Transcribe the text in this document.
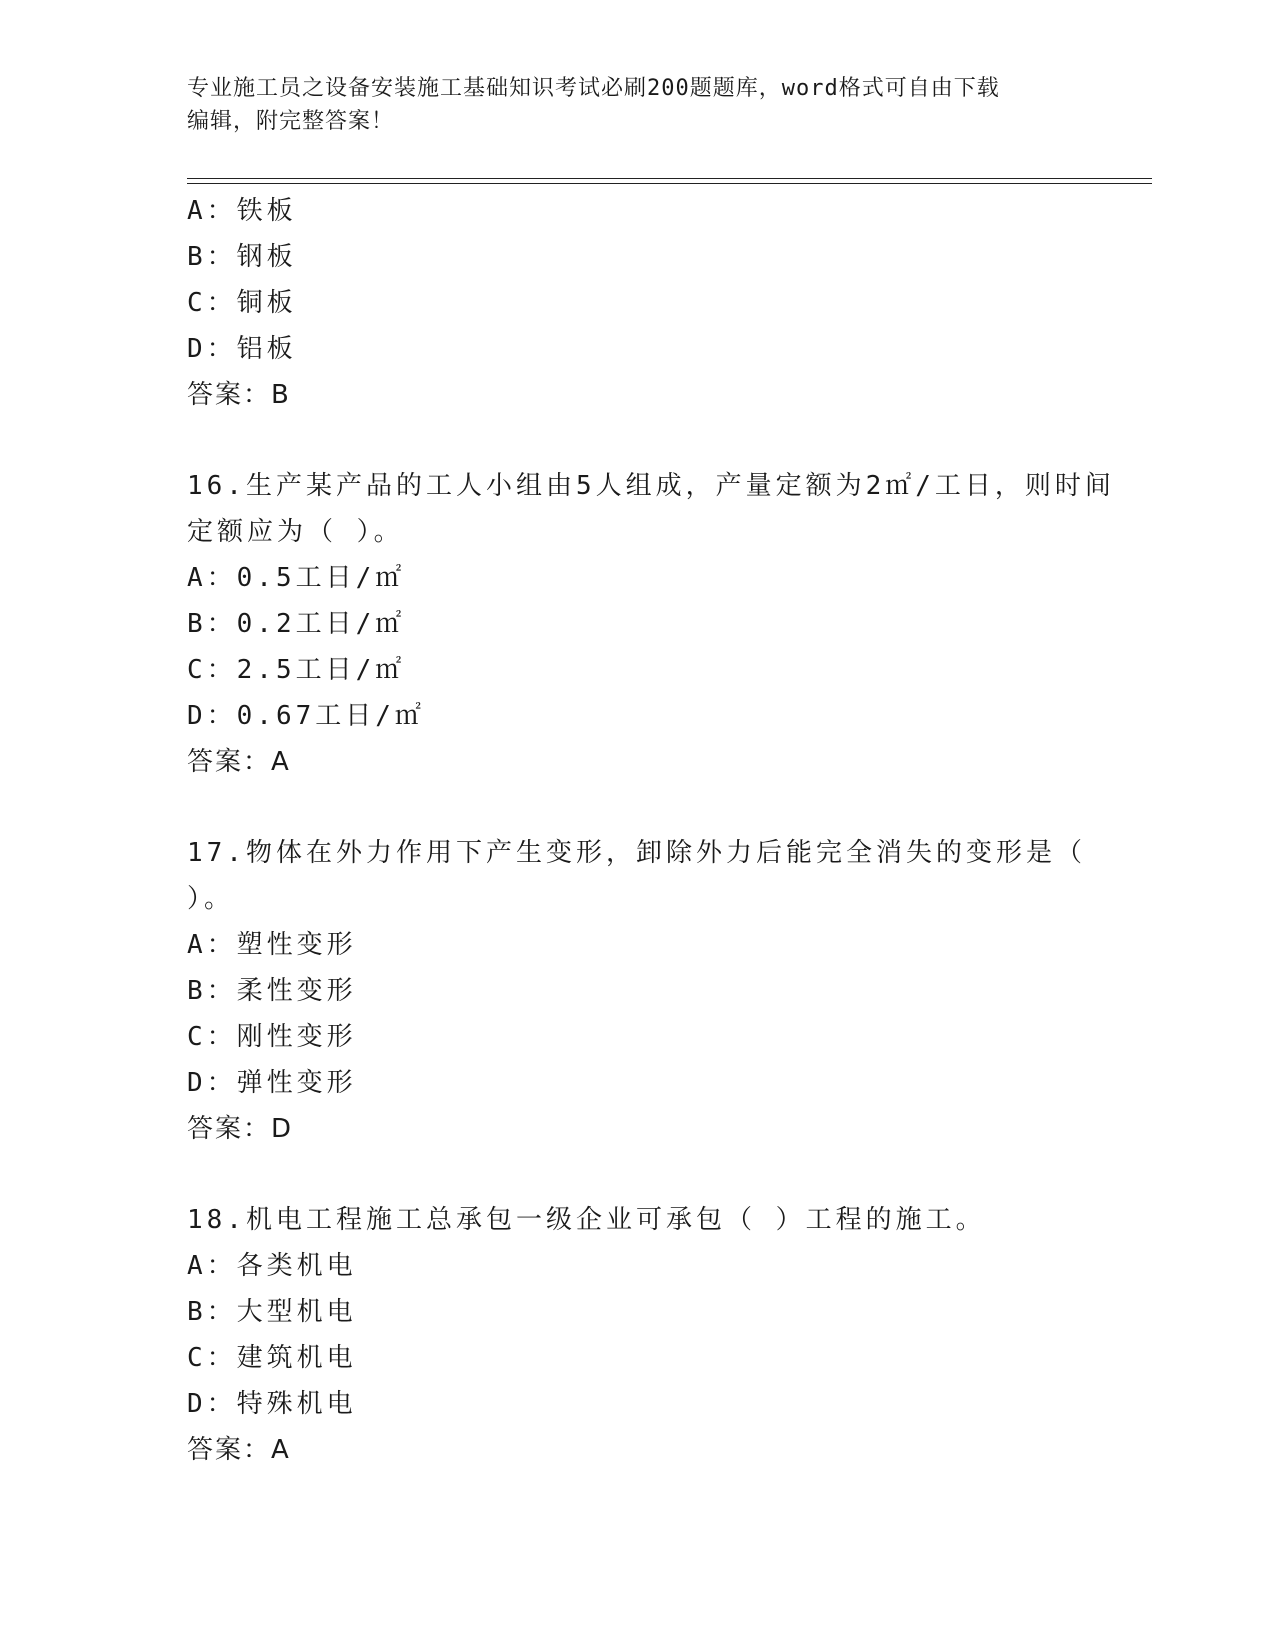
专业施工员之设备安装施工基础知识考试必刷200题题库，word格式可自由下载
编辑，附完整答案！
A：铁板
B：钢板
C：铜板
D：铝板
答案：B
16.生产某产品的工人小组由5人组成，产量定额为2㎡/工日，则时间
定额应为（ ）。
A：0.5工日/㎡
B：0.2工日/㎡
C：2.5工日/㎡
D：0.67工日/㎡
答案：A
17.物体在外力作用下产生变形，卸除外力后能完全消失的变形是（
）。
A：塑性变形
B：柔性变形
C：刚性变形
D：弹性变形
答案：D
18.机电工程施工总承包一级企业可承包（ ）工程的施工。
A：各类机电
B：大型机电
C：建筑机电
D：特殊机电
答案：A
